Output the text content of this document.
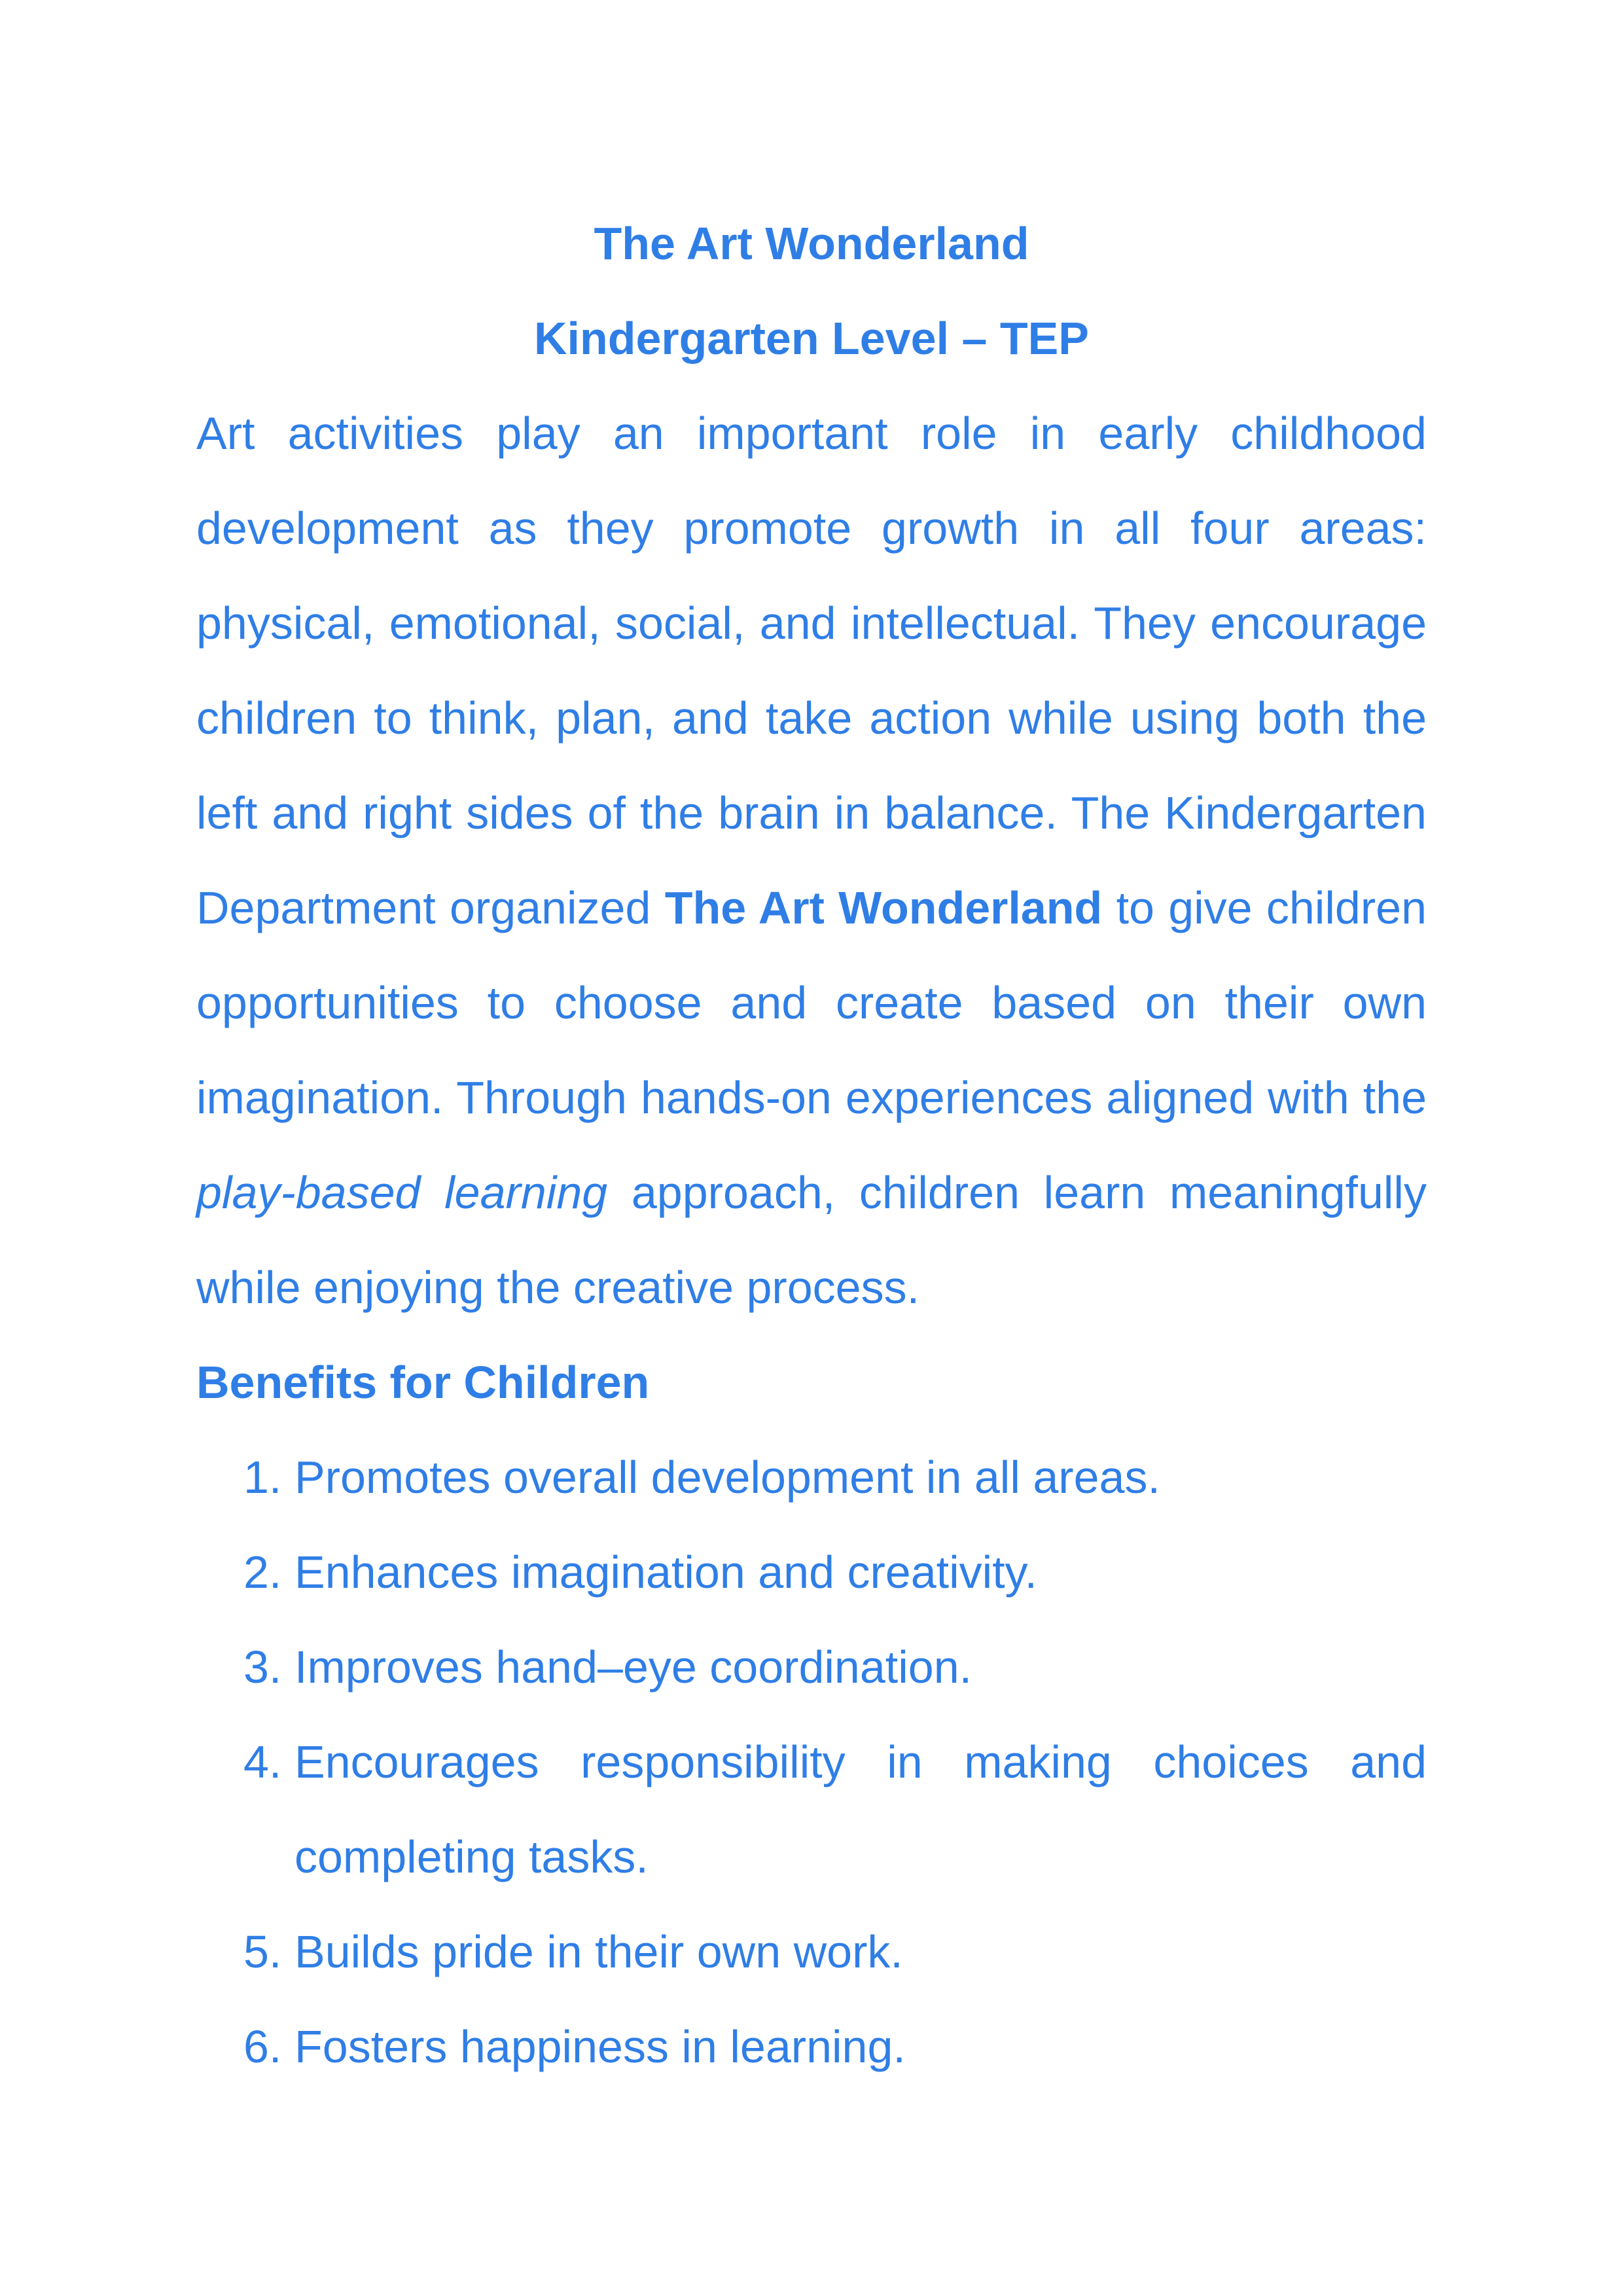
The Art Wonderland
Kindergarten Level – TEP

Art activities play an important role in early childhood development as they promote growth in all four areas: physical, emotional, social, and intellectual. They encourage children to think, plan, and take action while using both the left and right sides of the brain in balance. The Kindergarten Department organized The Art Wonderland to give children opportunities to choose and create based on their own imagination. Through hands-on experiences aligned with the play-based learning approach, children learn meaningfully while enjoying the creative process.

Benefits for Children
1. Promotes overall development in all areas.
2. Enhances imagination and creativity.
3. Improves hand–eye coordination.
4. Encourages responsibility in making choices and completing tasks.
5. Builds pride in their own work.
6. Fosters happiness in learning.
